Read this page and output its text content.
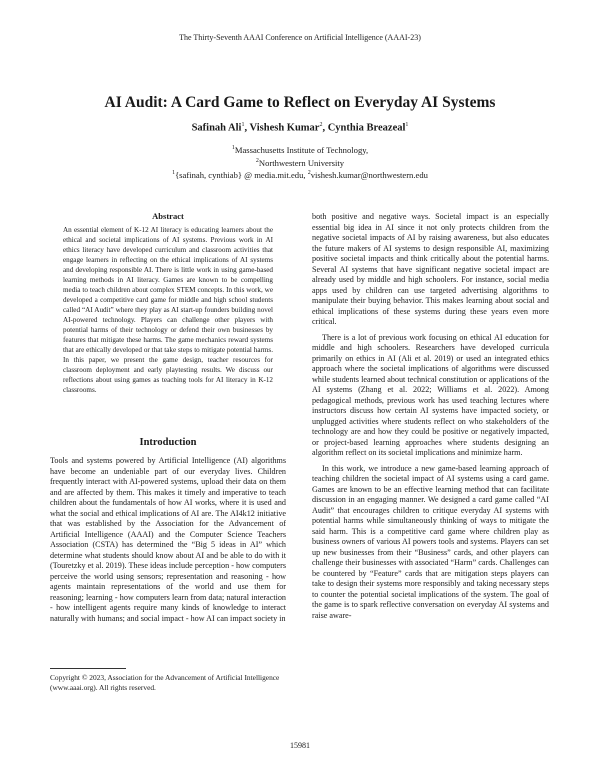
The Thirty-Seventh AAAI Conference on Artificial Intelligence (AAAI-23)
AI Audit: A Card Game to Reflect on Everyday AI Systems
Safinah Ali$^1$, Vishesh Kumar$^2$, Cynthia Breazeal$^1$
$^1$Massachusetts Institute of Technology,
$^2$Northwestern University
$^1${safinah, cynthiab} @ media.mit.edu, $^2$vishesh.kumar@northwestern.edu
Abstract
An essential element of K-12 AI literacy is educating learners about the ethical and societal implications of AI systems. Previous work in AI ethics literacy have developed curriculum and classroom activities that engage learners in reflecting on the ethical implications of AI systems and developing responsible AI. There is little work in using game-based learning methods in AI literacy. Games are known to be compelling media to teach children about complex STEM concepts. In this work, we developed a competitive card game for middle and high school students called “AI Audit” where they play as AI start-up founders building novel AI-powered technology. Players can challenge other players with potential harms of their technology or defend their own businesses by features that mitigate these harms. The game mechanics reward systems that are ethically developed or that take steps to mitigate potential harms. In this paper, we present the game design, teacher resources for classroom deployment and early playtesting results. We discuss our reflections about using games as teaching tools for AI literacy in K-12 classrooms.
Introduction
Tools and systems powered by Artificial Intelligence (AI) algorithms have become an undeniable part of our everyday lives. Children frequently interact with AI-powered systems, upload their data on them and are affected by them. This makes it timely and imperative to teach children about the fundamentals of how AI works, where it is used and what the social and ethical implications of AI are. The AI4k12 initiative that was established by the Association for the Advancement of Artificial Intelligence (AAAI) and the Computer Science Teachers Association (CSTA) has determined the “Big 5 ideas in AI” which determine what students should know about AI and be able to do with it (Touretzky et al. 2019). These ideas include perception - how computers perceive the world using sensors; representation and reasoning - how agents maintain representations of the world and use them for reasoning; learning - how computers learn from data; natural interaction - how intelligent agents require many kinds of knowledge to interact naturally with humans; and social impact - how AI can impact society in
Copyright © 2023, Association for the Advancement of Artificial Intelligence (www.aaai.org). All rights reserved.

both positive and negative ways. Societal impact is an especially essential big idea in AI since it not only protects children from the negative societal impacts of AI by raising awareness, but also educates the future makers of AI systems to design responsible AI, maximizing positive societal impacts and think critically about the potential harms. Several AI systems that have significant negative societal impact are already used by middle and high schoolers. For instance, social media apps used by children can use targeted advertising algorithms to manipulate their buying behavior. This makes learning about social and ethical implications of these systems during these years even more critical.

There is a lot of previous work focusing on ethical AI education for middle and high schoolers. Researchers have developed curricula primarily on ethics in AI (Ali et al. 2019) or used an integrated ethics approach where the societal implications of algorithms were discussed while students learned about technical constitution or applications of the AI systems (Zhang et al. 2022; Williams et al. 2022). Among pedagogical methods, previous work has used teaching lectures where instructors discuss how certain AI systems have impacted society, or unplugged activities where students reflect on who stakeholders of the technology are and how they could be positive or negatively impacted, or project-based learning approaches where students designing an algorithm reflect on its societal implications and minimize harm.

In this work, we introduce a new game-based learning approach of teaching children the societal impact of AI systems using a card game. Games are known to be an effective learning method that can facilitate discussion in an engaging manner. We designed a card game called “AI Audit” that encourages children to critique everyday AI systems with potential harms while simultaneously thinking of ways to mitigate the said harm. This is a competitive card game where children play as business owners of various AI powers tools and systems. Players can set up new businesses from their “Business” cards, and other players can challenge their businesses with associated “Harm” cards. Challenges can be countered by “Feature” cards that are mitigation steps players can take to design their systems more responsibly and taking necessary steps to counter the potential societal implications of the system. The goal of the game is to spark reflective conversation on everyday AI systems and raise aware-

15981
